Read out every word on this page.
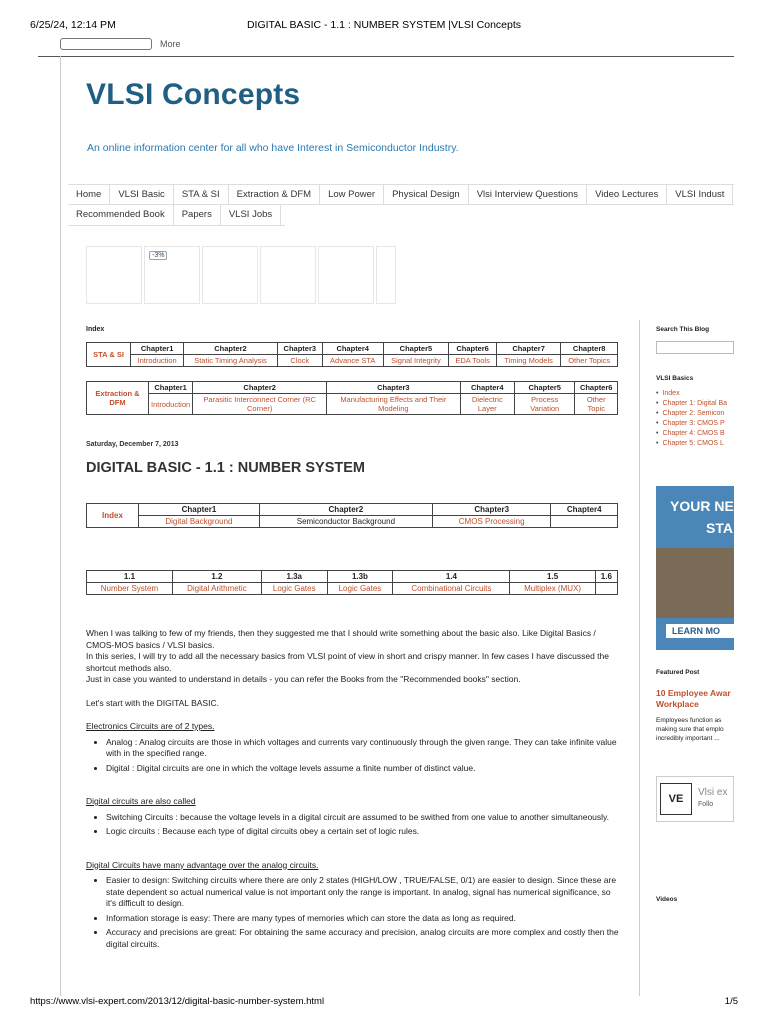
6/25/24, 12:14 PM	DIGITAL BASIC - 1.1 : NUMBER SYSTEM |VLSI Concepts
More
VLSI Concepts
An online information center for all who have Interest in Semiconductor Industry.
Home	VLSI Basic	STA & SI	Extraction & DFM	Low Power	Physical Design	Vlsi Interview Questions	Video Lectures	VLSI Indust
Recommended Book	Papers	VLSI Jobs
-3%
Index
STA & SI	Chapter1	Chapter2	Chapter3	Chapter4	Chapter5	Chapter6	Chapter7	Chapter8
	Introduction	Static Timing Analysis	Clock	Advance STA	Signal Integrity	EDA Tools	Timing Models	Other Topics
Extraction & DFM	Chapter1	Chapter2	Chapter3	Chapter4	Chapter5	Chapter6
	Introduction	Parasitic Interconnect Corner (RC Corner)	Manufacturing Effects and Their Modeling	Dielectric Layer	Process Variation	Other Topic
Saturday, December 7, 2013
DIGITAL BASIC - 1.1 : NUMBER SYSTEM
Index	Chapter1	Chapter2	Chapter3	Chapter4
	Digital Background	Semiconductor Background	CMOS Processing	
1.1	1.2	1.3a	1.3b	1.4	1.5	1.6
Number System	Digital Arithmetic	Logic Gates	Logic Gates	Combinational Circuits	Multiplex (MUX)	

When I was talking to few of my friends, then they suggested me that I should write something about the basic also. Like Digital Basics / CMOS-MOS basics / VLSI basics.

In this series, I will try to add all the necessary basics from VLSI point of view in short and crispy manner. In few cases I have discussed the shortcut methods also.

Just in case you wanted to understand in details - you can refer the Books from the "Recommended books" section.

Let's start with the DIGITAL BASIC.

Electronics Circuits are of 2 types.

• Analog : Analog circuits are those in which voltages and currents vary continuously through the given range. They can take infinite value with in the specified range.
• Digital : Digital circuits are one in which the voltage levels assume a finite number of distinct value.

Digital circuits are also called

• Switching Circuits : because the voltage levels in a digital circuit are assumed to be swithed from one value to another simultaneously.
• Logic circuits : Because each type of digital circuits obey a certain set of logic rules.

Digital Circuits have many advantage over the analog circuits.

• Easier to design: Switching circuits where there are only 2 states (HIGH/LOW , TRUE/FALSE, 0/1) are easier to design. Since these are state dependent so actual numerical value is not important only the range is important. In analog, signal has numerical significance, so it's difficult to design.
• Information storage is easy: There are many types of memories which can store the data as long as required.
• Accuracy and precisions are great: For obtaining the same accuracy and precision, analog circuits are more complex and costly then the digital circuits.
Search This Blog
VLSI Basics
• Index
• Chapter 1: Digital Ba
• Chapter 2: Semicon
• Chapter 3: CMOS P
• Chapter 4: CMOS B
• Chapter 5: CMOS L
YOUR NE
STA
LEARN MO
Featured Post
10 Employee Awar Workplace
Employees function as making sure that emplo incredibly important ...
VE
Vlsi ex
Follo
Videos
https://www.vlsi-expert.com/2013/12/digital-basic-number-system.html	1/5
